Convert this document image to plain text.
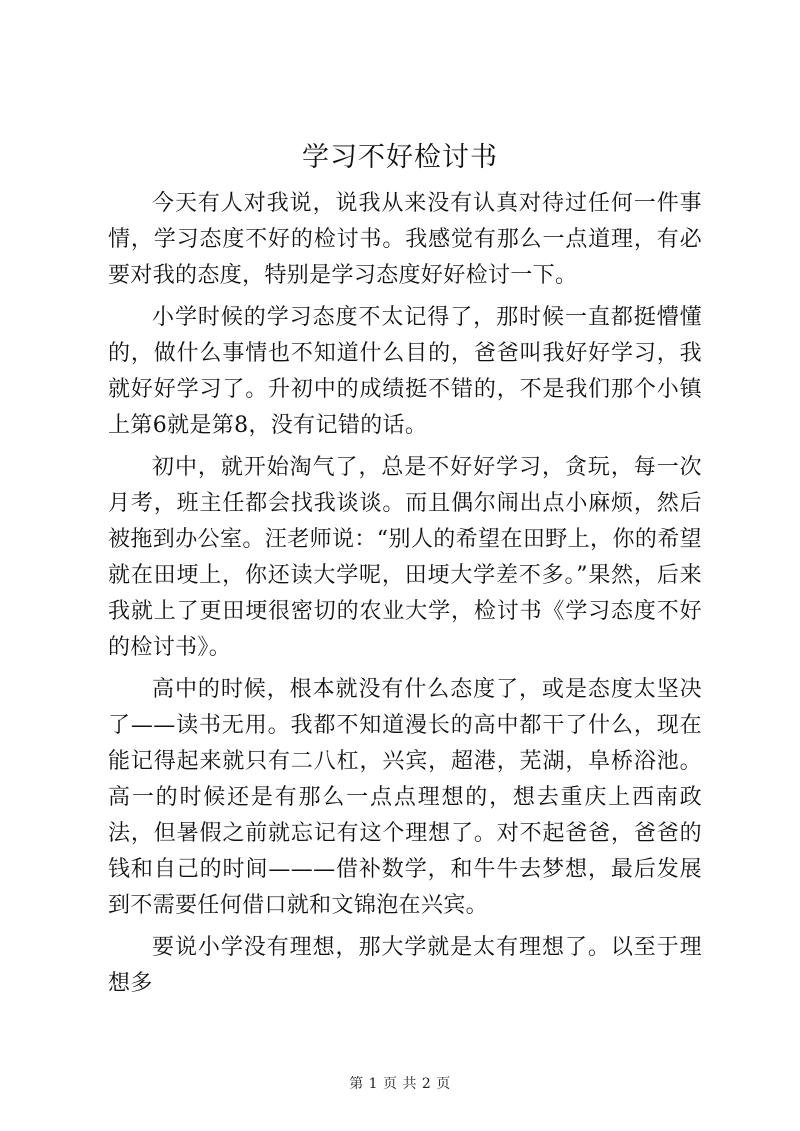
学习不好检讨书

今天有人对我说，说我从来没有认真对待过任何一件事情，学习态度不好的检讨书。我感觉有那么一点道理，有必要对我的态度，特别是学习态度好好检讨一下。

小学时候的学习态度不太记得了，那时候一直都挺懵懂的，做什么事情也不知道什么目的，爸爸叫我好好学习，我就好好学习了。升初中的成绩挺不错的，不是我们那个小镇上第6就是第8，没有记错的话。

初中，就开始淘气了，总是不好好学习，贪玩，每一次月考，班主任都会找我谈谈。而且偶尔闹出点小麻烦，然后被拖到办公室。汪老师说：“别人的希望在田野上，你的希望就在田埂上，你还读大学呢，田埂大学差不多。”果然，后来我就上了更田埂很密切的农业大学，检讨书《学习态度不好的检讨书》。

高中的时候，根本就没有什么态度了，或是态度太坚决了——读书无用。我都不知道漫长的高中都干了什么，现在能记得起来就只有二八杠，兴宾，超港，芜湖，阜桥浴池。高一的时候还是有那么一点点理想的，想去重庆上西南政法，但暑假之前就忘记有这个理想了。对不起爸爸，爸爸的钱和自己的时间———借补数学，和牛牛去梦想，最后发展到不需要任何借口就和文锦泡在兴宾。

要说小学没有理想，那大学就是太有理想了。以至于理想多

第 1 页 共 2 页
